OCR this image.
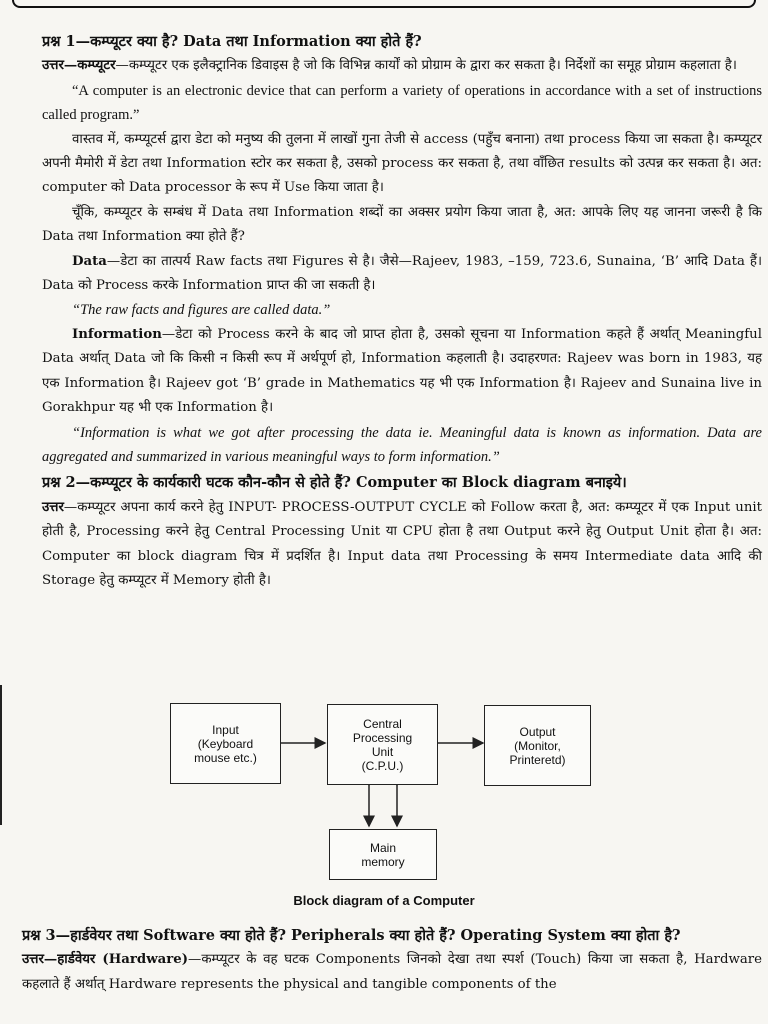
प्रश्न 1—कम्प्यूटर क्या है? Data तथा Information क्या होते हैं?

उत्तर—कम्प्यूटर—कम्प्यूटर एक इलैक्ट्रानिक डिवाइस है जो कि विभिन्न कार्यों को प्रोग्राम के द्वारा कर सकता है। निर्देशों का समूह प्रोग्राम कहलाता है।

“A computer is an electronic device that can perform a variety of operations in accordance with a set of instructions called program.”

वास्तव में, कम्प्यूटर्स द्वारा डेटा को मनुष्य की तुलना में लाखों गुना तेजी से access (पहुँच बनाना) तथा process किया जा सकता है। कम्प्यूटर अपनी मैमोरी में डेटा तथा Information स्टोर कर सकता है, उसको process कर सकता है, तथा वाँछित results को उत्पन्न कर सकता है। अत: computer को Data processor के रूप में Use किया जाता है।

चूँकि, कम्प्यूटर के सम्बंध में Data तथा Information शब्दों का अक्सर प्रयोग किया जाता है, अत: आपके लिए यह जानना जरूरी है कि Data तथा Information क्या होते हैं?

Data—डेटा का तात्पर्य Raw facts तथा Figures से है। जैसे—Rajeev, 1983, –159, 723.6, Sunaina, ‘B’ आदि Data हैं। Data को Process करके Information प्राप्त की जा सकती है।

“The raw facts and figures are called data.”

Information—डेटा को Process करने के बाद जो प्राप्त होता है, उसको सूचना या Information कहते हैं अर्थात् Meaningful Data अर्थात् Data जो कि किसी न किसी रूप में अर्थपूर्ण हो, Information कहलाती है। उदाहरणत: Rajeev was born in 1983, यह एक Information है। Rajeev got ‘B’ grade in Mathematics यह भी एक Information है। Rajeev and Sunaina live in Gorakhpur यह भी एक Information है।

“Information is what we got after processing the data ie. Meaningful data is known as information. Data are aggregated and summarized in various meaningful ways to form information.”

प्रश्न 2—कम्प्यूटर के कार्यकारी घटक कौन-कौन से होते हैं? Computer का Block diagram बनाइये।

उत्तर—कम्प्यूटर अपना कार्य करने हेतु INPUT- PROCESS-OUTPUT CYCLE को Follow करता है, अत: कम्प्यूटर में एक Input unit होती है, Processing करने हेतु Central Processing Unit या CPU होता है तथा Output करने हेतु Output Unit होता है। अत: Computer का block diagram चित्र में प्रदर्शित है। Input data तथा Processing के समय Intermediate data आदि की Storage हेतु कम्प्यूटर में Memory होती है।

Input
(Keyboard
mouse etc.)
Central
Processing
Unit
(C.P.U.)
Output
(Monitor,
Printeretd)
Main
memory
Block diagram of a Computer

प्रश्न 3—हार्डवेयर तथा Software क्या होते हैं? Peripherals क्या होते हैं? Operating System क्या होता है?

उत्तर—हार्डवेयर (Hardware)—कम्प्यूटर के वह घटक Components जिनको देखा तथा स्पर्श (Touch) किया जा सकता है, Hardware कहलाते हैं अर्थात् Hardware represents the physical and tangible components of the
